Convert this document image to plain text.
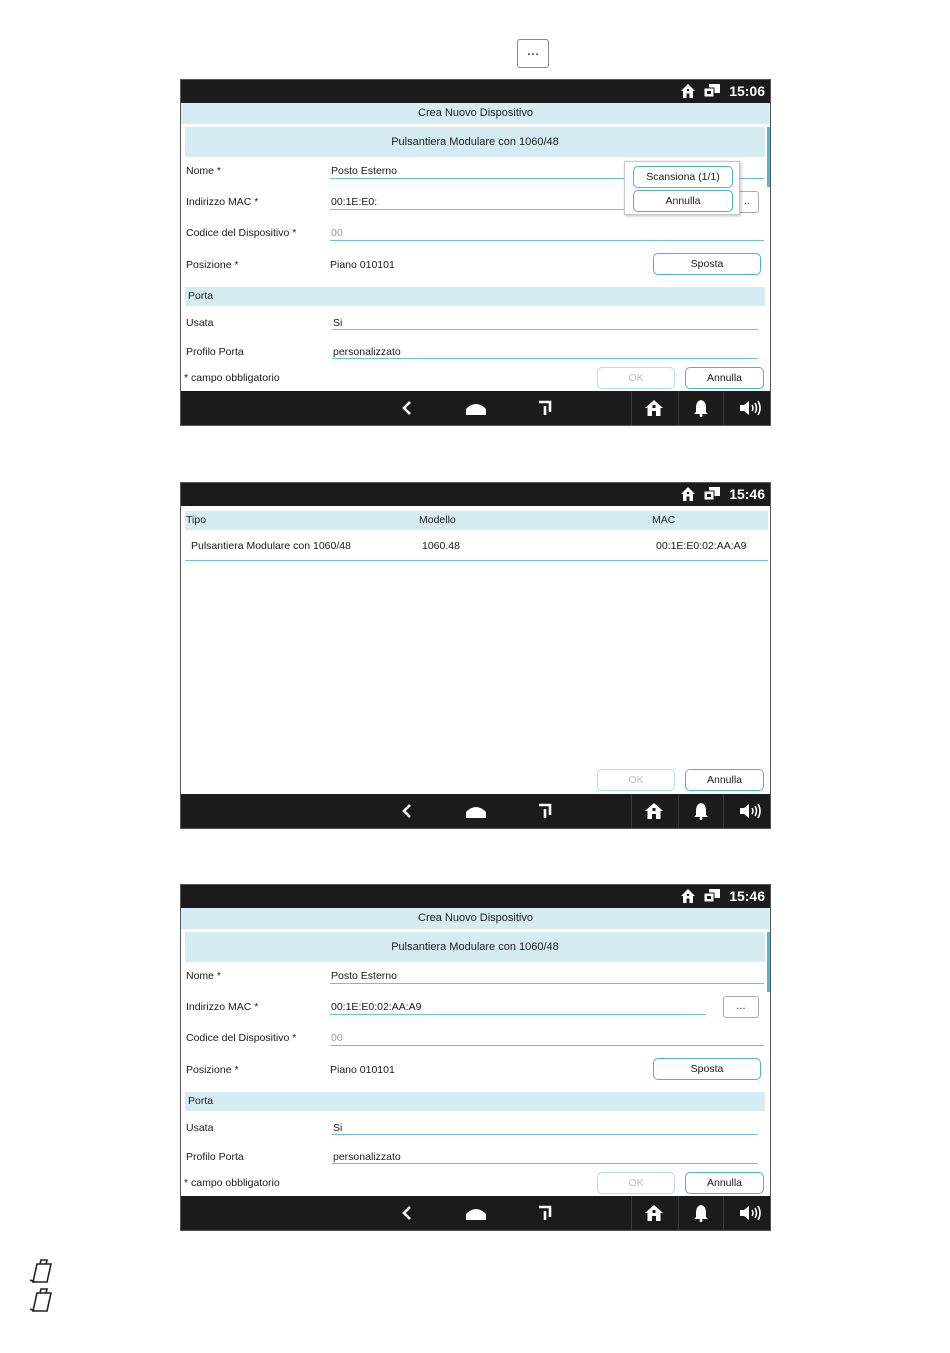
...
15:06
Crea Nuovo Dispositivo
Pulsantiera Modulare con 1060/48
Nome *	Posto Esterno
Indirizzo MAC *	00:1E:E0:	..
Codice del Dispositivo *	00
Posizione *	Piano 010101	Sposta
Porta
Usata	Si
Profilo Porta	personalizzato
* campo obbligatorio	OK	Annulla
Scansiona (1/1)
Annulla
15:46
Tipo	Modello	MAC
Pulsantiera Modulare con 1060/48	1060.48	00:1E:E0:02:AA:A9
OK	Annulla
15:46
Crea Nuovo Dispositivo
Pulsantiera Modulare con 1060/48
Nome *	Posto Esterno
Indirizzo MAC *	00:1E:E0:02:AA:A9	...
Codice del Dispositivo *	00
Posizione *	Piano 010101	Sposta
Porta
Usata	Si
Profilo Porta	personalizzato
* campo obbligatorio	OK	Annulla
